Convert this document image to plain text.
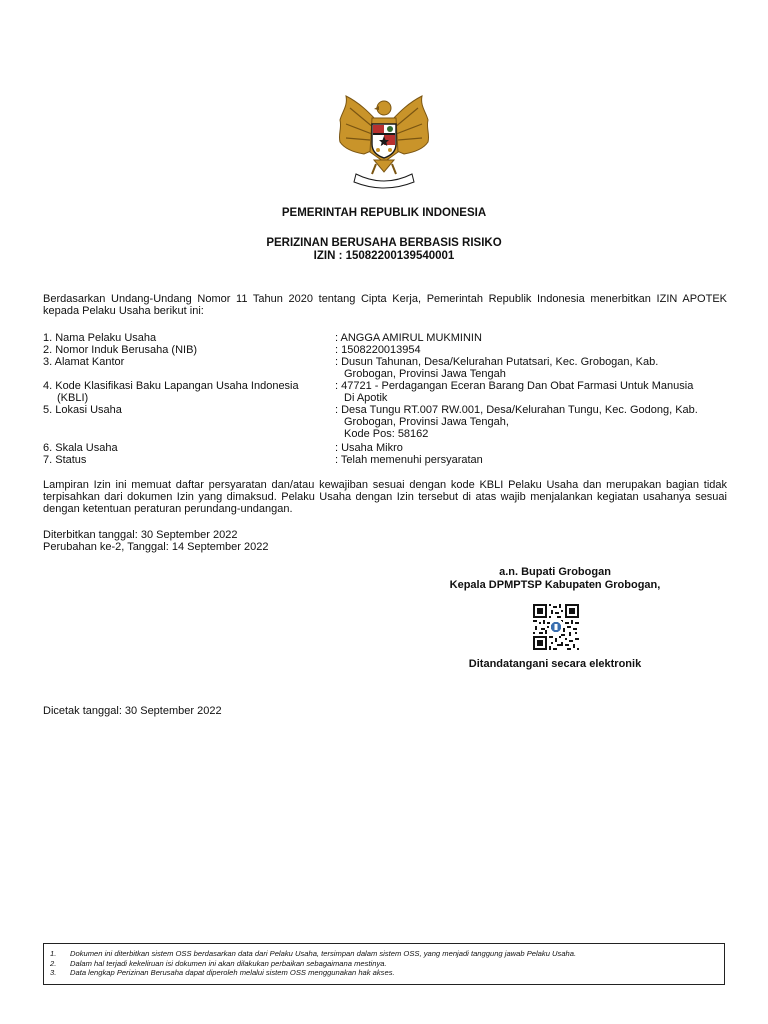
PEMERINTAH REPUBLIK INDONESIA
PERIZINAN BERUSAHA BERBASIS RISIKO
IZIN : 15082200139540001
Berdasarkan Undang-Undang Nomor 11 Tahun 2020 tentang Cipta Kerja, Pemerintah Republik Indonesia menerbitkan IZIN APOTEK kepada Pelaku Usaha berikut ini:
1. Nama Pelaku Usaha	: ANGGA AMIRUL MUKMININ
2. Nomor Induk Berusaha (NIB)	: 1508220013954
3. Alamat Kantor	: Dusun Tahunan, Desa/Kelurahan Putatsari, Kec. Grobogan, Kab.
Grobogan, Provinsi Jawa Tengah
4. Kode Klasifikasi Baku Lapangan Usaha Indonesia
(KBLI)
: 47721 - Perdagangan Eceran Barang Dan Obat Farmasi Untuk Manusia
Di Apotik
5. Lokasi Usaha	: Desa Tungu RT.007 RW.001, Desa/Kelurahan Tungu, Kec. Godong, Kab.
Grobogan, Provinsi Jawa Tengah,
Kode Pos: 58162
6. Skala Usaha	: Usaha Mikro
7. Status	: Telah memenuhi persyaratan
Lampiran Izin ini memuat daftar persyaratan dan/atau kewajiban sesuai dengan kode KBLI Pelaku Usaha dan merupakan bagian tidak terpisahkan dari dokumen Izin yang dimaksud. Pelaku Usaha dengan Izin tersebut di atas wajib menjalankan kegiatan usahanya sesuai dengan ketentuan peraturan perundang-undangan.
Diterbitkan tanggal: 30 September 2022
Perubahan ke-2, Tanggal: 14 September 2022
a.n. Bupati Grobogan
Kepala DPMPTSP Kabupaten Grobogan,
Ditandatangani secara elektronik
Dicetak tanggal: 30 September 2022
1. Dokumen ini diterbitkan sistem OSS berdasarkan data dari Pelaku Usaha, tersimpan dalam sistem OSS, yang menjadi tanggung jawab Pelaku Usaha.
2. Dalam hal terjadi kekeliruan isi dokumen ini akan dilakukan perbaikan sebagaimana mestinya.
3. Data lengkap Perizinan Berusaha dapat diperoleh melalui sistem OSS menggunakan hak akses.
